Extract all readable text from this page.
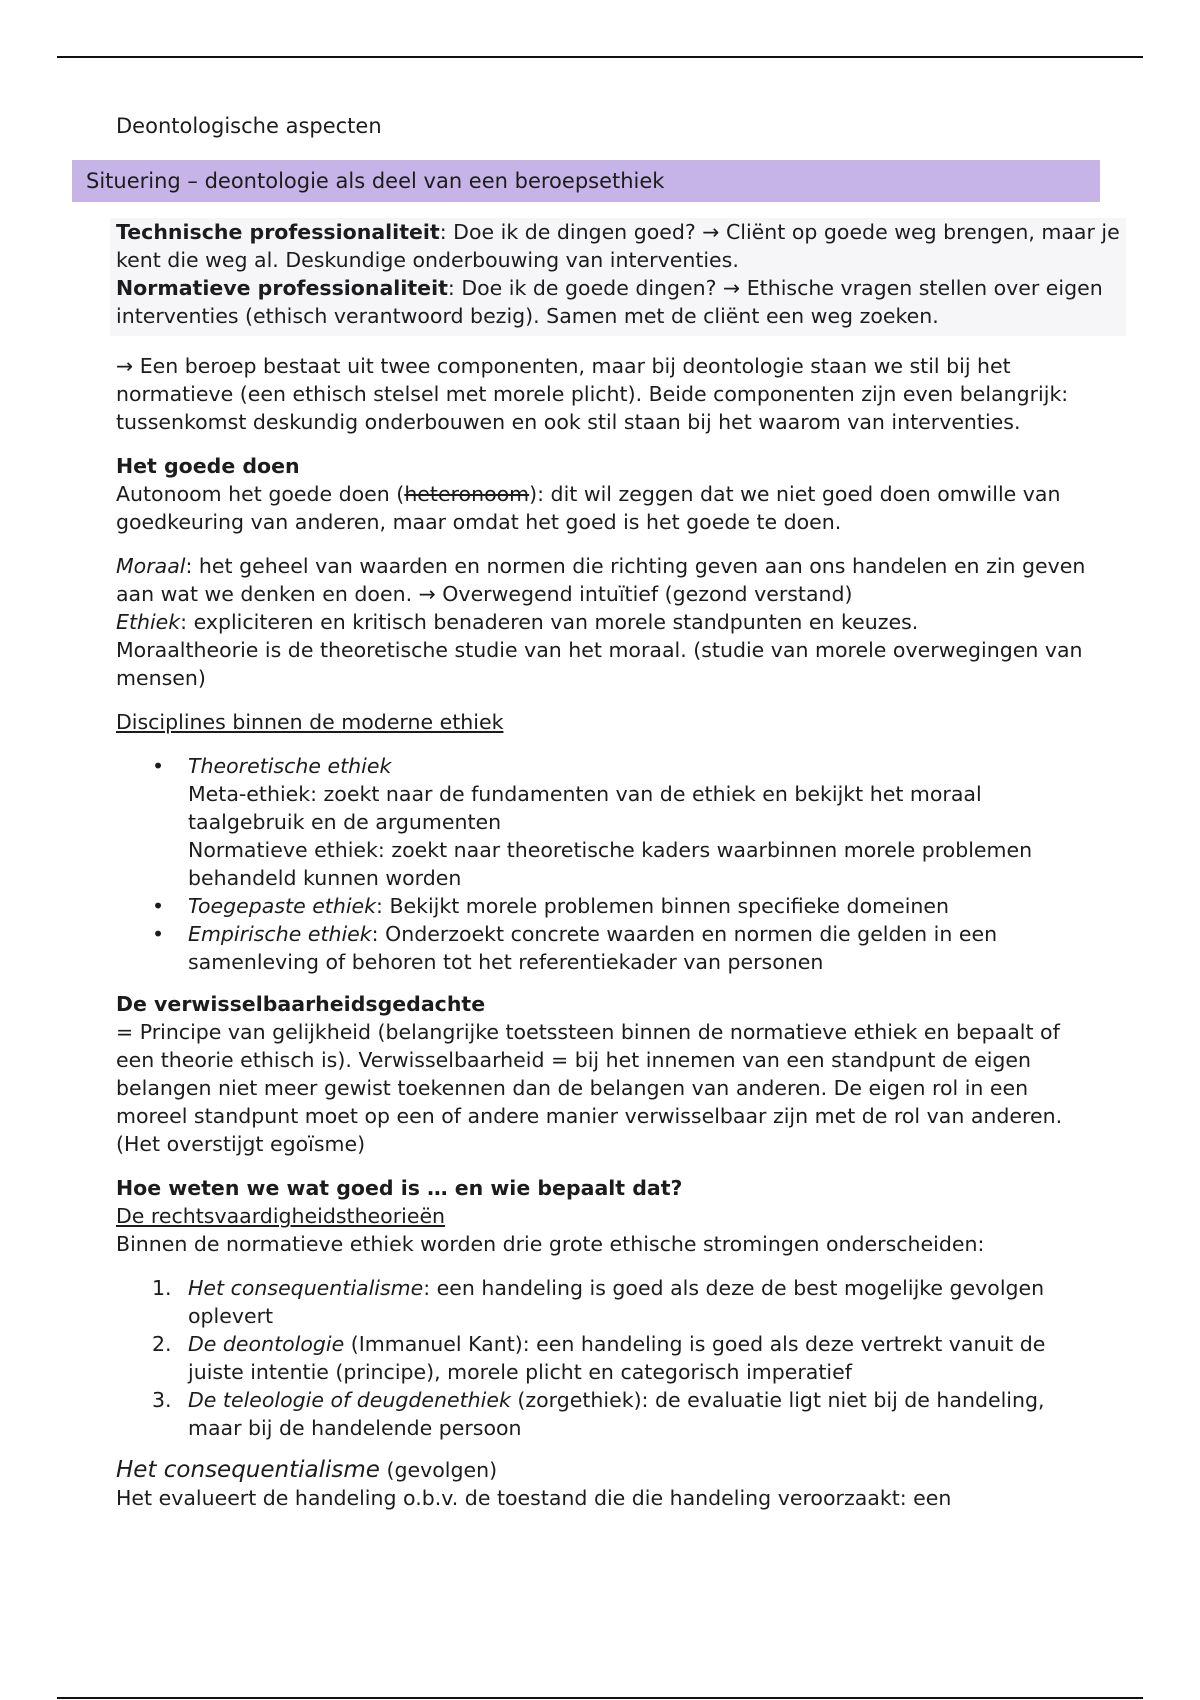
Deontologische aspecten

Situering – deontologie als deel van een beroepsethiek

Technische professionaliteit: Doe ik de dingen goed? → Cliënt op goede weg brengen, maar je kent die weg al. Deskundige onderbouwing van interventies.

Normatieve professionaliteit: Doe ik de goede dingen? → Ethische vragen stellen over eigen interventies (ethisch verantwoord bezig). Samen met de cliënt een weg zoeken.

→ Een beroep bestaat uit twee componenten, maar bij deontologie staan we stil bij het normatieve (een ethisch stelsel met morele plicht). Beide componenten zijn even belangrijk: tussenkomst deskundig onderbouwen en ook stil staan bij het waarom van interventies.

Het goede doen

Autonoom het goede doen (heteronoom): dit wil zeggen dat we niet goed doen omwille van goedkeuring van anderen, maar omdat het goed is het goede te doen.

Moraal: het geheel van waarden en normen die richting geven aan ons handelen en zin geven aan wat we denken en doen. → Overwegend intuïtief (gezond verstand)
Ethiek: expliciteren en kritisch benaderen van morele standpunten en keuzes.
Moraaltheorie is de theoretische studie van het moraal. (studie van morele overwegingen van mensen)

Disciplines binnen de moderne ethiek

• Theoretische ethiek
Meta-ethiek: zoekt naar de fundamenten van de ethiek en bekijkt het moraal taalgebruik en de argumenten
Normatieve ethiek: zoekt naar theoretische kaders waarbinnen morele problemen behandeld kunnen worden
• Toegepaste ethiek: Bekijkt morele problemen binnen specifieke domeinen
• Empirische ethiek: Onderzoekt concrete waarden en normen die gelden in een samenleving of behoren tot het referentiekader van personen

De verwisselbaarheidsgedachte

= Principe van gelijkheid (belangrijke toetssteen binnen de normatieve ethiek en bepaalt of een theorie ethisch is). Verwisselbaarheid = bij het innemen van een standpunt de eigen belangen niet meer gewist toekennen dan de belangen van anderen. De eigen rol in een moreel standpunt moet op een of andere manier verwisselbaar zijn met de rol van anderen. (Het overstijgt egoïsme)

Hoe weten we wat goed is … en wie bepaalt dat?

De rechtsvaardigheidstheorieën

Binnen de normatieve ethiek worden drie grote ethische stromingen onderscheiden:

1. Het consequentialisme: een handeling is goed als deze de best mogelijke gevolgen oplevert
2. De deontologie (Immanuel Kant): een handeling is goed als deze vertrekt vanuit de juiste intentie (principe), morele plicht en categorisch imperatief
3. De teleologie of deugdenethiek (zorgethiek): de evaluatie ligt niet bij de handeling, maar bij de handelende persoon

Het consequentialisme (gevolgen)

Het evalueert de handeling o.b.v. de toestand die die handeling veroorzaakt: een
